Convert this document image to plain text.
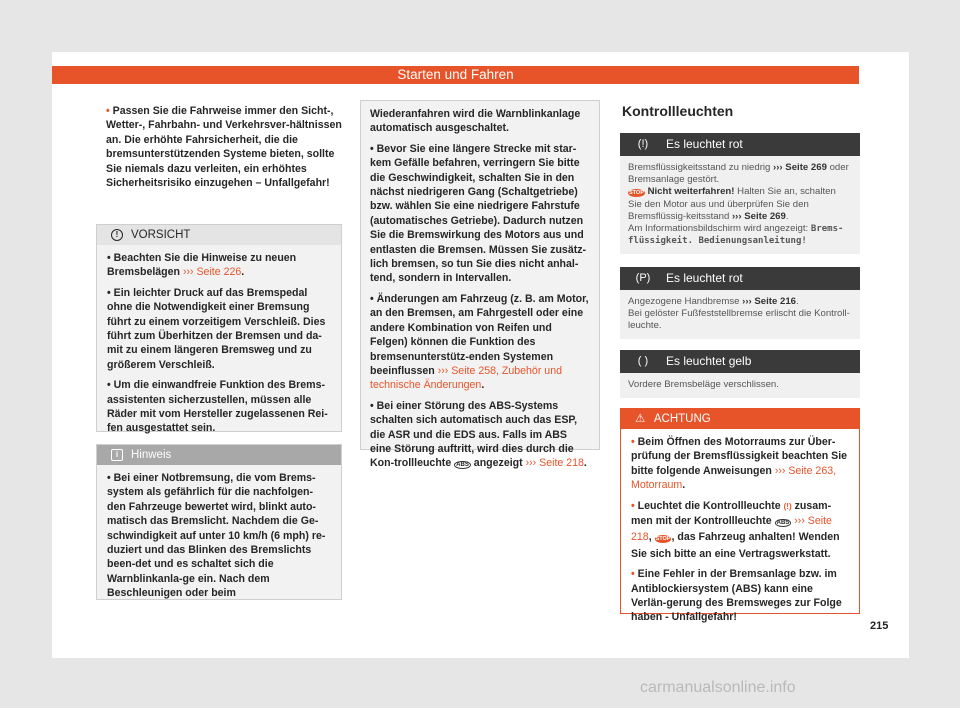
Starten und Fahren

• Passen Sie die Fahrweise immer den Sicht-, Wetter-, Fahrbahn- und Verkehrsver-hältnissen an. Die erhöhte Fahrsicherheit, die die bremsunterstützenden Systeme bieten, sollte Sie niemals dazu verleiten, ein erhöhtes Sicherheitsrisiko einzugehen – Unfallgefahr!

!	VORSICHT

• Beachten Sie die Hinweise zu neuen Bremsbelägen ››› Seite 226.

• Ein leichter Druck auf das Bremspedal ohne die Notwendigkeit einer Bremsung führt zu einem vorzeitigem Verschleiß. Dies führt zum Überhitzen der Bremsen und da-mit zu einem längeren Bremsweg und zu größerem Verschleiß.

• Um die einwandfreie Funktion des Brems-assistenten sicherzustellen, müssen alle Räder mit vom Hersteller zugelassenen Rei-fen ausgestattet sein.

i	Hinweis

• Bei einer Notbremsung, die vom Brems-system als gefährlich für die nachfolgen-den Fahrzeuge bewertet wird, blinkt auto-matisch das Bremslicht. Nachdem die Ge-schwindigkeit auf unter 10 km/h (6 mph) re-duziert und das Blinken des Bremslichts been-det und es schaltet sich die Warnblinkanla-ge ein. Nach dem Beschleunigen oder beim

Wiederanfahren wird die Warnblinkanlage automatisch ausgeschaltet.

• Bevor Sie eine längere Strecke mit star-kem Gefälle befahren, verringern Sie bitte die Geschwindigkeit, schalten Sie in den nächst niedrigeren Gang (Schaltgetriebe) bzw. wählen Sie eine niedrigere Fahrstufe (automatisches Getriebe). Dadurch nutzen Sie die Bremswirkung des Motors aus und entlasten die Bremsen. Müssen Sie zusätz-lich bremsen, so tun Sie dies nicht anhal-tend, sondern in Intervallen.

• Änderungen am Fahrzeug (z. B. am Motor, an den Bremsen, am Fahrgestell oder eine andere Kombination von Reifen und Felgen) können die Funktion des bremsenunterstütz-enden Systemen beeinflussen ››› Seite 258, Zubehör und technische Änderungen.

• Bei einer Störung des ABS-Systems schalten sich automatisch auch das ESP, die ASR und die EDS aus. Falls im ABS eine Störung auftritt, wird dies durch die Kon-trollleuchte ABS angezeigt ››› Seite 218.

Kontrollleuchten
(!)	Es leuchtet rot
Bremsflüssigkeitsstand zu niedrig ››› Seite 269 oder Bremsanlage gestört.
STOP Nicht weiterfahren! Halten Sie an, schalten Sie den Motor aus und überprüfen Sie den Bremsflüssig-keitsstand ››› Seite 269.
Am Informationsbildschirm wird angezeigt: Brems-flüssigkeit. Bedienungsanleitung!
(P)	Es leuchtet rot
Angezogene Handbremse ››› Seite 216.
Bei gelöster Fußfeststellbremse erlischt die Kontroll-leuchte.
( )	Es leuchtet gelb
Vordere Bremsbeläge verschlissen.
⚠ ACHTUNG

• Beim Öffnen des Motorraums zur Über-prüfung der Bremsflüssigkeit beachten Sie bitte folgende Anweisungen ››› Seite 263, Motorraum.

• Leuchtet die Kontrollleuchte (!) zusam-men mit der Kontrollleuchte ABS ››› Seite 218, STOP, das Fahrzeug anhalten! Wenden Sie sich bitte an eine Vertragswerkstatt.

• Eine Fehler in der Bremsanlage bzw. im Antiblockiersystem (ABS) kann eine Verlän-gerung des Bremsweges zur Folge haben - Unfallgefahr!

215
carmanualsonline.info
